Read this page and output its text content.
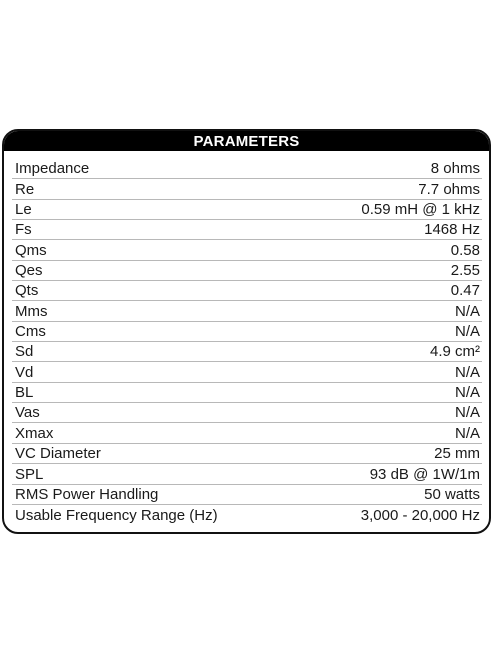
PARAMETERS
Impedance	8 ohms
Re	7.7 ohms
Le	0.59 mH @ 1 kHz
Fs	1468 Hz
Qms	0.58
Qes	2.55
Qts	0.47
Mms	N/A
Cms	N/A
Sd	4.9 cm²
Vd	N/A
BL	N/A
Vas	N/A
Xmax	N/A
VC Diameter	25 mm
SPL	93 dB @ 1W/1m
RMS Power Handling	50 watts
Usable Frequency Range (Hz)	3,000 - 20,000 Hz
